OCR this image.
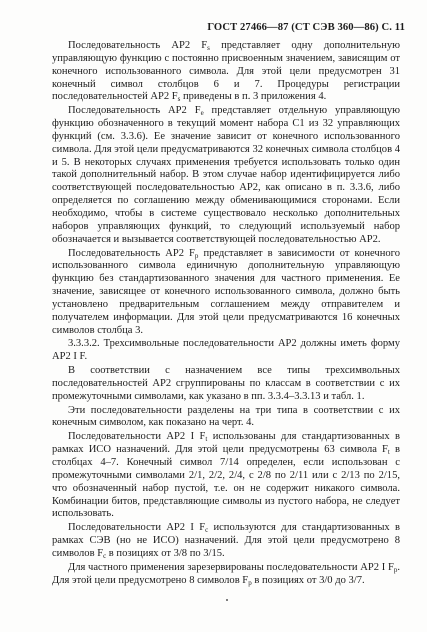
ГОСТ 27466—87 (СТ СЭВ 360—86) С. 11

Последовательность АР2 $F_s$ представляет одну дополнительную управляющую функцию с постоянно присвоенным значением, зависящим от конечного использованного символа. Для этой цели предусмотрен 31 конечный символ столбцов 6 и 7. Процедуры регистрации последовательностей АР2 $F_s$ приведены в п. 3 приложения 4.

Последовательность АР2 $F_e$ представляет отдельную управляющую функцию обозначенного в текущий момент набора С1 из 32 управляющих функций (см. 3.3.6). Ее значение зависит от конечного использованного символа. Для этой цели предусматриваются 32 конечных символа столбцов 4 и 5. В некоторых случаях применения требуется использовать только один такой дополнительный набор. В этом случае набор идентифицируется либо соответствующей последовательностью АР2, как описано в п. 3.3.6, либо определяется по соглашению между обменивающимися сторонами. Если необходимо, чтобы в системе существовало несколько дополнительных наборов управляющих функций, то следующий используемый набор обозначается и вызывается соответствующей последовательностью АР2.

Последовательность АР2 $F_p$ представляет в зависимости от конечного использованного символа единичную дополнительную управляющую функцию без стандартизованного значения для частного применения. Ее значение, зависящее от конечного использованного символа, должно быть установлено предварительным соглашением между отправителем и получателем информации. Для этой цели предусматриваются 16 конечных символов столбца 3.

3.3.3.2. Трехсимвольные последовательности АР2 должны иметь форму АР2 I F.

В соответствии с назначением все типы трехсимвольных последовательностей АР2 сгруппированы по классам в соответствии с их промежуточными символами, как указано в пп. 3.3.4–3.3.13 и табл. 1.

Эти последовательности разделены на три типа в соответствии с их конечным символом, как показано на черт. 4.

Последовательности АР2 I $F_t$ использованы для стандартизованных в рамках ИСО назначений. Для этой цели предусмотрены 63 символа $F_t$ в столбцах 4–7. Конечный символ 7/14 определен, если использован с промежуточными символами 2/1, 2/2, 2/4, с 2/8 по 2/11 или с 2/13 по 2/15, что обозначенный набор пустой, т.е. он не содержит никакого символа. Комбинации битов, представляющие символы из пустого набора, не следует использовать.

Последовательности АР2 I $F_c$ используются для стандартизованных в рамках СЭВ (но не ИСО) назначений. Для этой цели предусмотрено 8 символов $F_c$ в позициях от 3/8 по 3/15.

Для частного применения зарезервированы последовательности АР2 I $F_p$. Для этой цели предусмотрено 8 символов $F_p$ в позициях от 3/0 до 3/7.
